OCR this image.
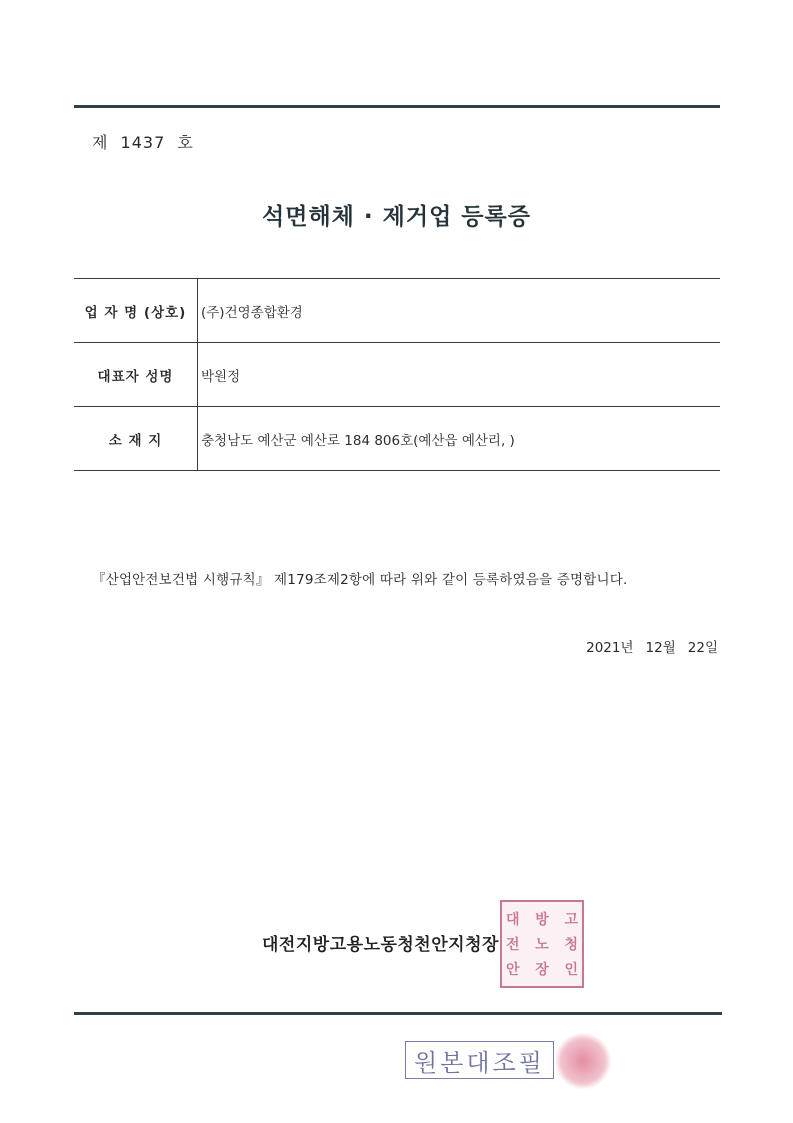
제 1437 호
석면해체 · 제거업 등록증
업 자 명 (상호)	(주)건영종합환경
대표자 성명	박원정
소 재 지	충청남도 예산군 예산로 184 806호(예산읍 예산리, )
『산업안전보건법 시행규칙』 제179조제2항에 따라 위와 같이 등록하였음을 증명합니다.
2021년 12월 22일
대전지방고용노동청천안지청장
대 방 고
전 노 청
안 장 인
원본대조필
